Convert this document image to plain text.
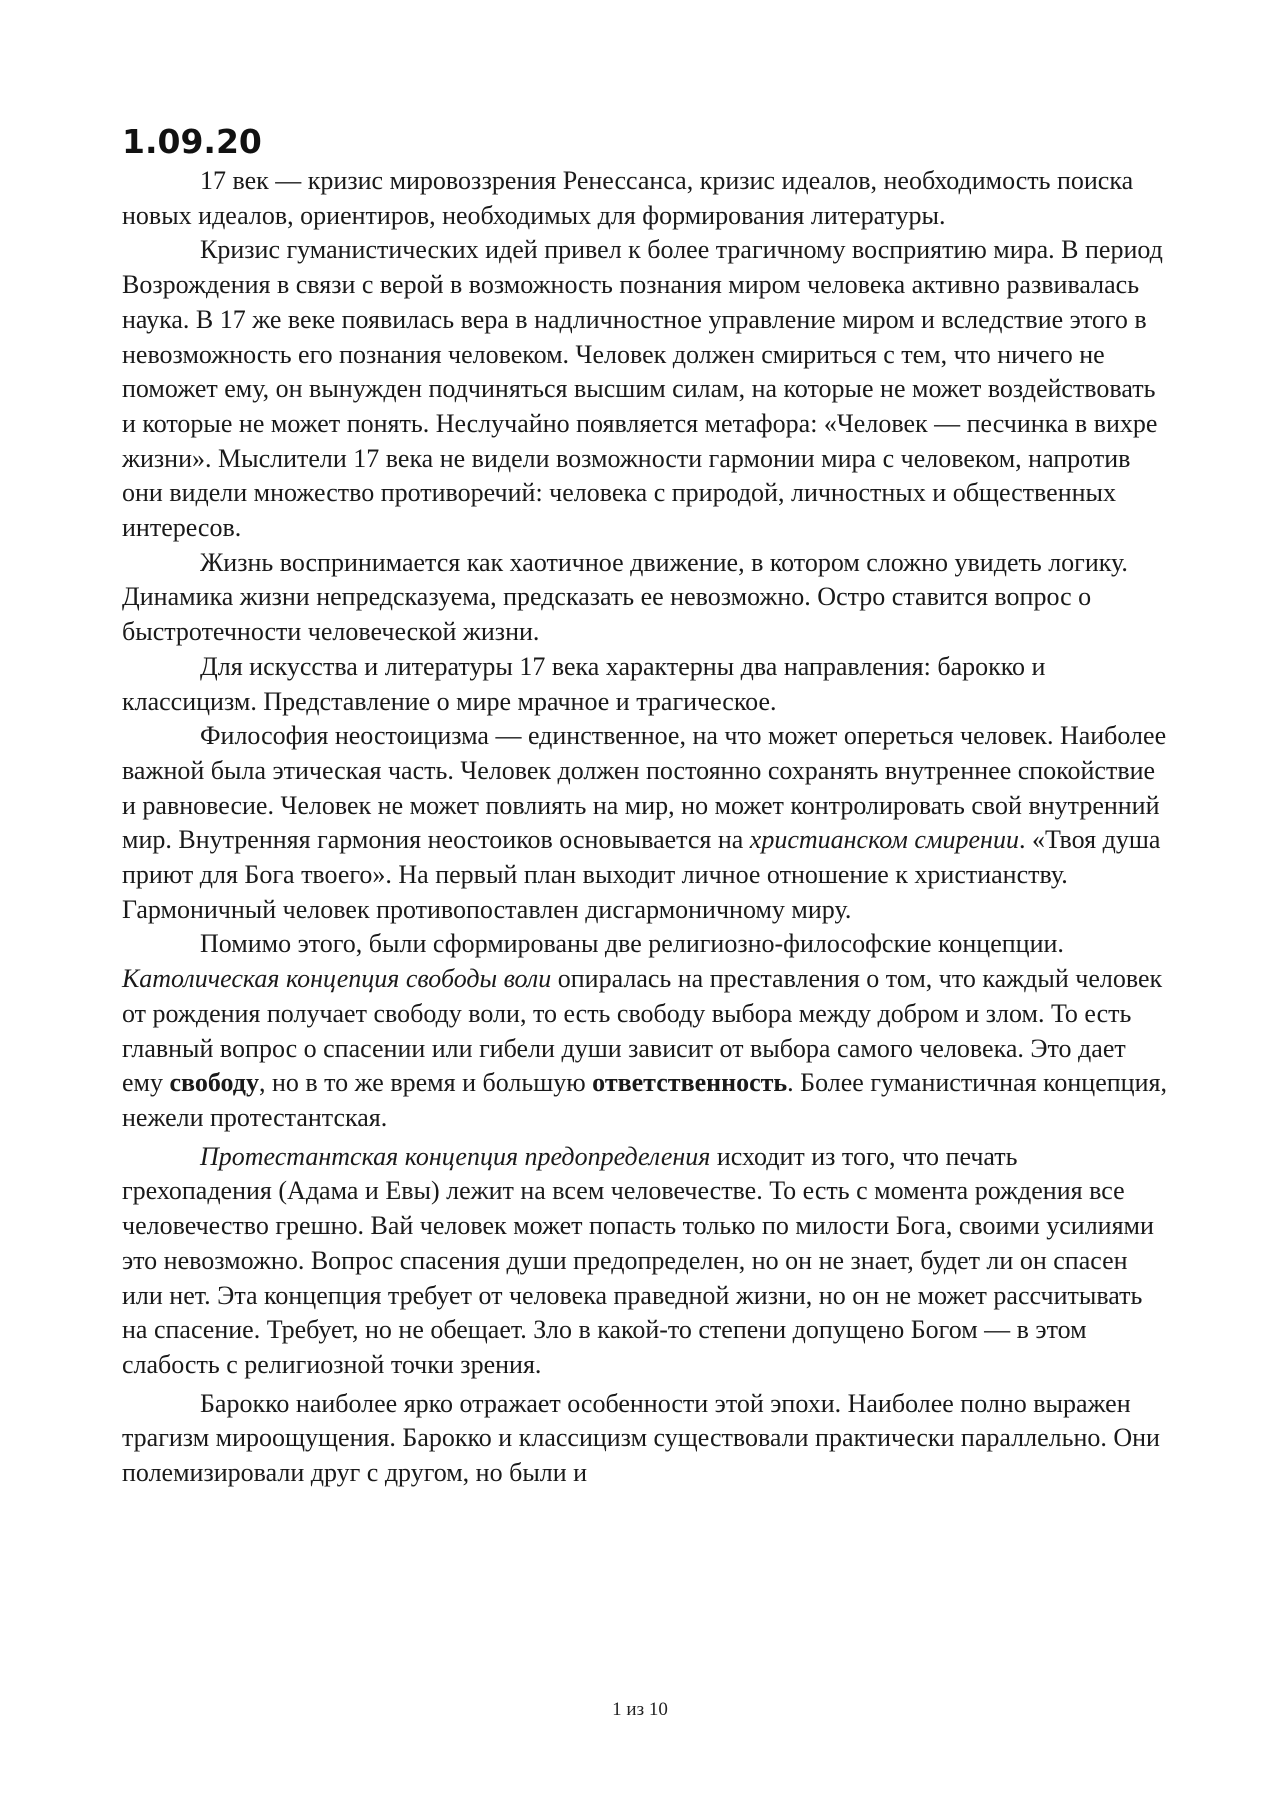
1.09.20

17 век — кризис мировоззрения Ренессанса, кризис идеалов, необходимость поиска новых идеалов, ориентиров, необходимых для формирования литературы.

Кризис гуманистических идей привел к более трагичному восприятию мира. В период Возрождения в связи с верой в возможность познания миром человека активно развивалась наука. В 17 же веке появилась вера в надличностное управление миром и вследствие этого в невозможность его познания человеком. Человек должен смириться с тем, что ничего не поможет ему, он вынужден подчиняться высшим силам, на которые не может воздействовать и которые не может понять. Неслучайно появляется метафора: «Человек — песчинка в вихре жизни». Мыслители 17 века не видели возможности гармонии мира с человеком, напротив они видели множество противоречий: человека с природой, личностных и общественных интересов.

Жизнь воспринимается как хаотичное движение, в котором сложно увидеть логику. Динамика жизни непредсказуема, предсказать ее невозможно. Остро ставится вопрос о быстротечности человеческой жизни.

Для искусства и литературы 17 века характерны два направления: барокко и классицизм. Представление о мире мрачное и трагическое.

Философия неостоицизма — единственное, на что может опереться человек. Наиболее важной была этическая часть. Человек должен постоянно сохранять внутреннее спокойствие и равновесие. Человек не может повлиять на мир, но может контролировать свой внутренний мир. Внутренняя гармония неостоиков основывается на христианском смирении. «Твоя душа приют для Бога твоего». На первый план выходит личное отношение к христианству. Гармоничный человек противопоставлен дисгармоничному миру.

Помимо этого, были сформированы две религиозно-философские концепции. Католическая концепция свободы воли опиралась на преставления о том, что каждый человек от рождения получает свободу воли, то есть свободу выбора между добром и злом. То есть главный вопрос о спасении или гибели души зависит от выбора самого человека. Это дает ему свободу, но в то же время и большую ответственность. Более гуманистичная концепция, нежели протестантская.

Протестантская концепция предопределения исходит из того, что печать грехопадения (Адама и Евы) лежит на всем человечестве. То есть с момента рождения все человечество грешно. Вай человек может попасть только по милости Бога, своими усилиями это невозможно. Вопрос спасения души предопределен, но он не знает, будет ли он спасен или нет. Эта концепция требует от человека праведной жизни, но он не может рассчитывать на спасение. Требует, но не обещает. Зло в какой-то степени допущено Богом — в этом слабость с религиозной точки зрения.

Барокко наиболее ярко отражает особенности этой эпохи. Наиболее полно выражен трагизм мироощущения. Барокко и классицизм существовали практически параллельно. Они полемизировали друг с другом, но были и

1 из 10
